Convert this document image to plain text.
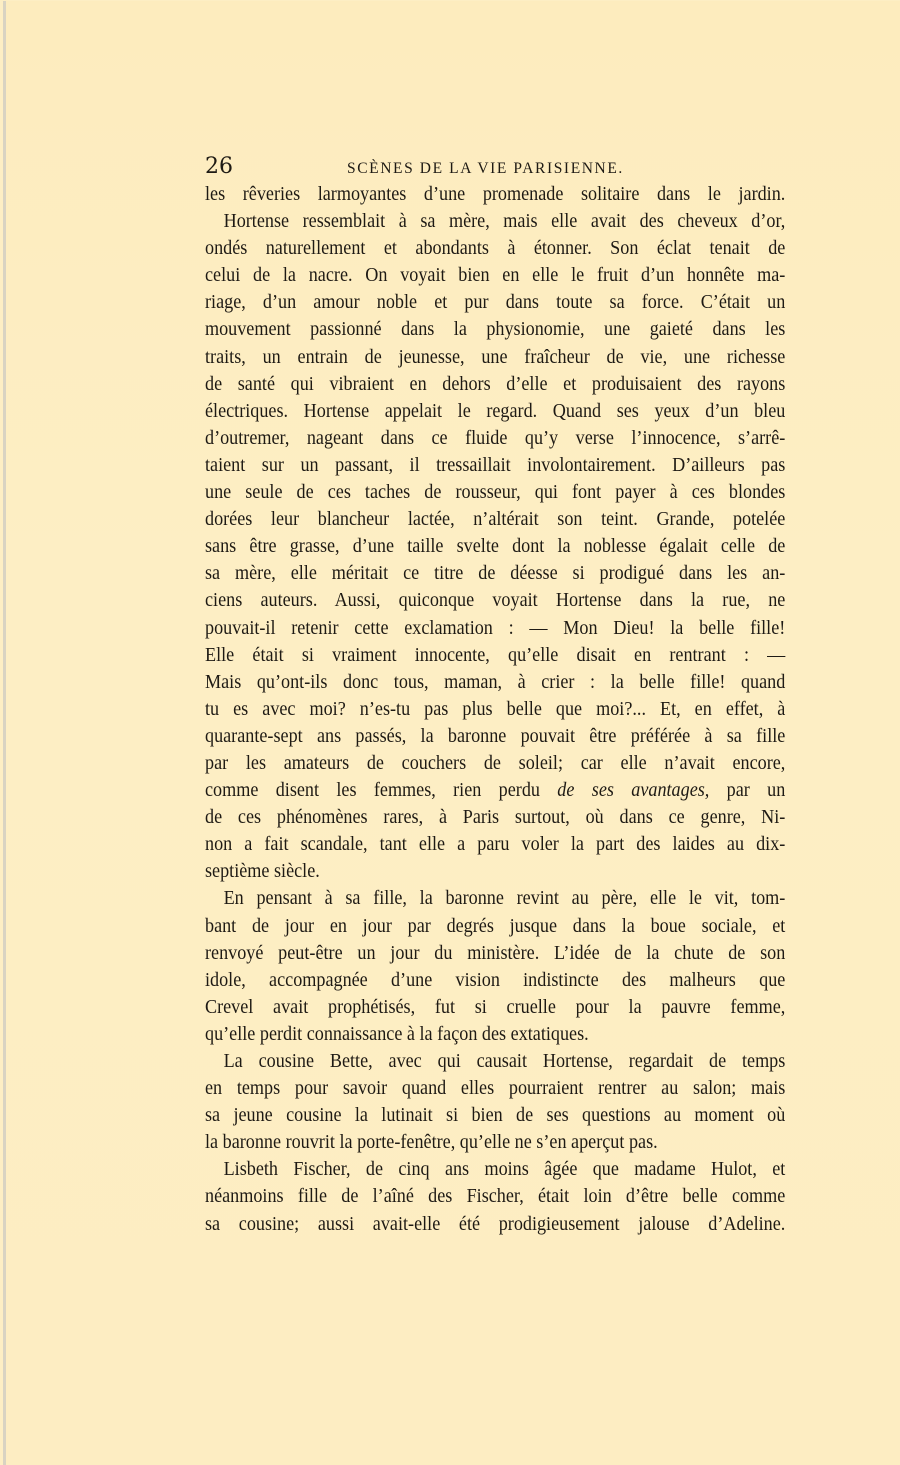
26	SCÈNES DE LA VIE PARISIENNE.
les rêveries larmoyantes d’une promenade solitaire dans le jardin.
Hortense ressemblait à sa mère, mais elle avait des cheveux d’or,
ondés naturellement et abondants à étonner. Son éclat tenait de
celui de la nacre. On voyait bien en elle le fruit d’un honnête ma-
riage, d’un amour noble et pur dans toute sa force. C’était un
mouvement passionné dans la physionomie, une gaieté dans les
traits, un entrain de jeunesse, une fraîcheur de vie, une richesse
de santé qui vibraient en dehors d’elle et produisaient des rayons
électriques. Hortense appelait le regard. Quand ses yeux d’un bleu
d’outremer, nageant dans ce fluide qu’y verse l’innocence, s’arrê-
taient sur un passant, il tressaillait involontairement. D’ailleurs pas
une seule de ces taches de rousseur, qui font payer à ces blondes
dorées leur blancheur lactée, n’altérait son teint. Grande, potelée
sans être grasse, d’une taille svelte dont la noblesse égalait celle de
sa mère, elle méritait ce titre de déesse si prodigué dans les an-
ciens auteurs. Aussi, quiconque voyait Hortense dans la rue, ne
pouvait-il retenir cette exclamation : — Mon Dieu! la belle fille!
Elle était si vraiment innocente, qu’elle disait en rentrant : —
Mais qu’ont-ils donc tous, maman, à crier : la belle fille! quand
tu es avec moi? n’es-tu pas plus belle que moi?... Et, en effet, à
quarante-sept ans passés, la baronne pouvait être préférée à sa fille
par les amateurs de couchers de soleil; car elle n’avait encore,
comme disent les femmes, rien perdu de ses avantages, par un
de ces phénomènes rares, à Paris surtout, où dans ce genre, Ni-
non a fait scandale, tant elle a paru voler la part des laides au dix-
septième siècle.
En pensant à sa fille, la baronne revint au père, elle le vit, tom-
bant de jour en jour par degrés jusque dans la boue sociale, et
renvoyé peut-être un jour du ministère. L’idée de la chute de son
idole, accompagnée d’une vision indistincte des malheurs que
Crevel avait prophétisés, fut si cruelle pour la pauvre femme,
qu’elle perdit connaissance à la façon des extatiques.
La cousine Bette, avec qui causait Hortense, regardait de temps
en temps pour savoir quand elles pourraient rentrer au salon; mais
sa jeune cousine la lutinait si bien de ses questions au moment où
la baronne rouvrit la porte-fenêtre, qu’elle ne s’en aperçut pas.
Lisbeth Fischer, de cinq ans moins âgée que madame Hulot, et
néanmoins fille de l’aîné des Fischer, était loin d’être belle comme
sa cousine; aussi avait-elle été prodigieusement jalouse d’Adeline.
